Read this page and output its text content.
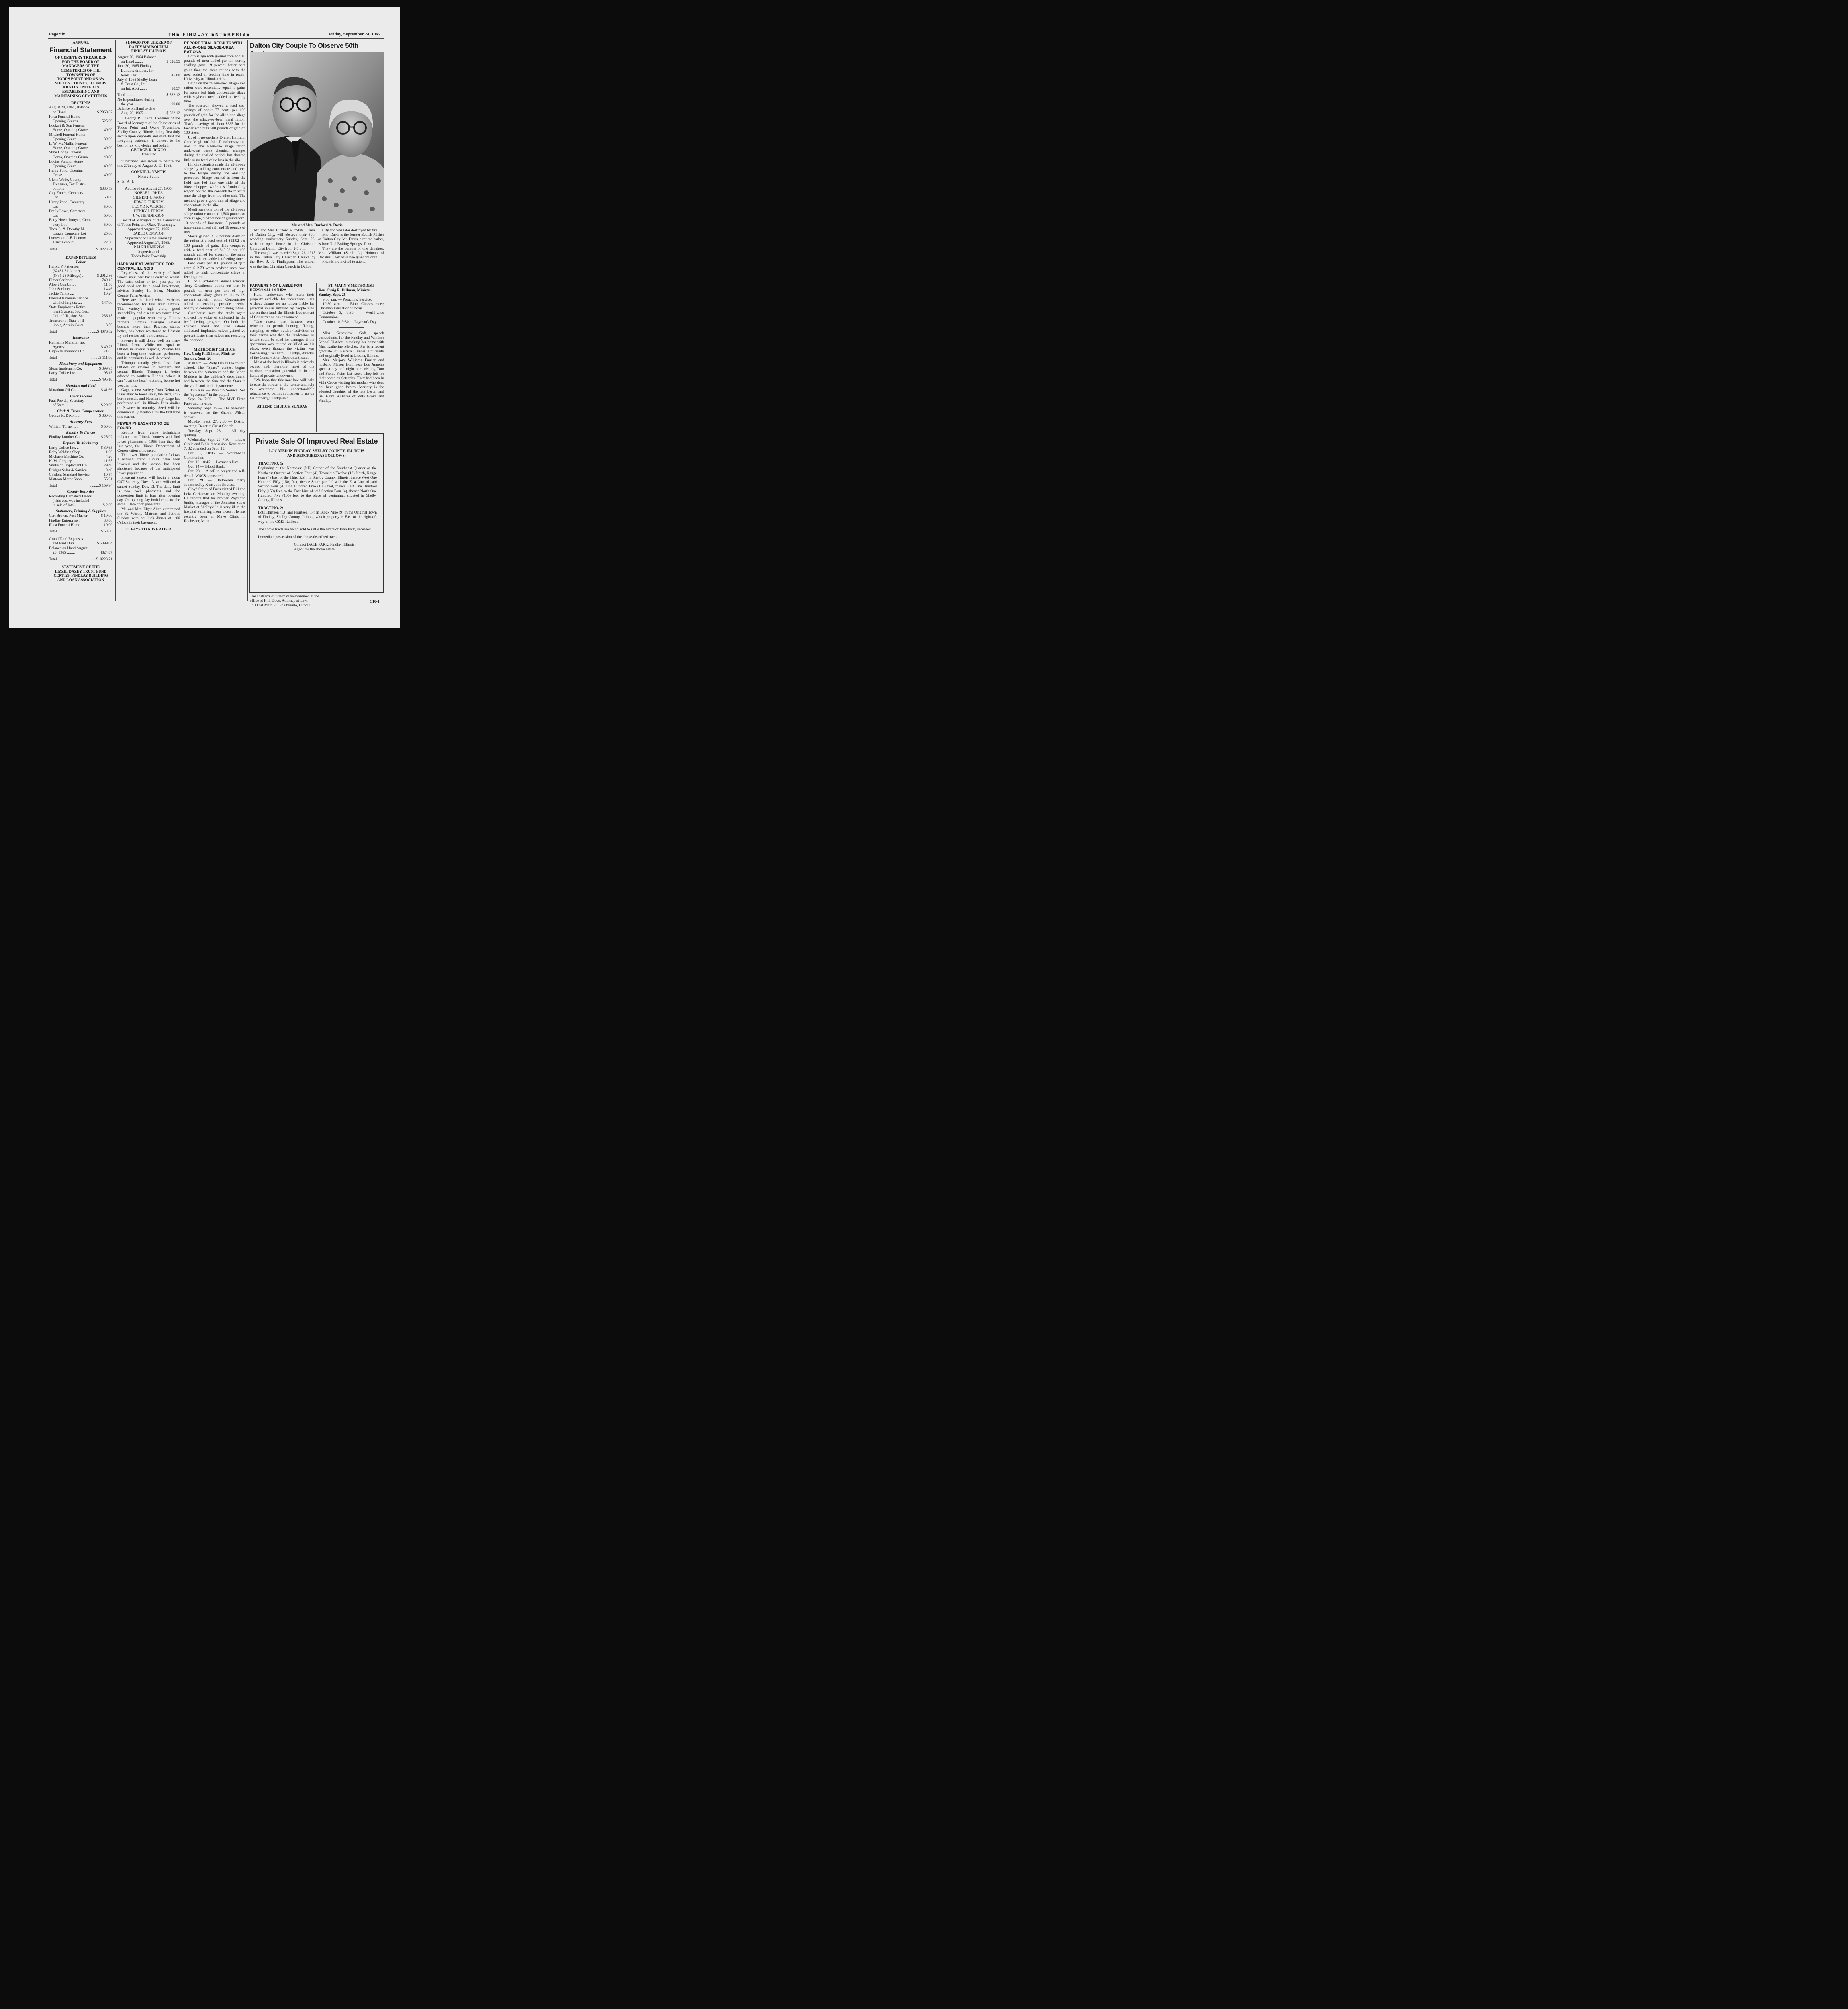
Page Six	THE FINDLAY ENTERPRISE	Friday, September 24, 1965
ANNUAL
Financial Statement
OF CEMETERY TREASURER
FOR THE BOARD OF
MANAGERS OF THE
CEMETERIES OF THE
TOWNSHIPS OF
TODDS POINT AND OKAW
SHELBY COUNTY, ILLINOIS
JOINTLY UNITED IN
ESTABLISHING AND
MAINTAINING CEMETERIES
RECEIPTS
August 20, 1964, Balance
on Hand ........	$ 2860.62
Rhea Funeral Home
Opening Graves ....	525.00
Lockart & Son Funeral
Home, Opening Grave	40.00
Mitchell Funeral Home
Opening Grave ....	30.00
L. W. McMullin Funeral
Home, Opening Grave	40.00
Stine Hodge Funeral
Home, Opening Grave	40.00
Lovins Funeral Home
Opening Grave ....	40.00
Henry Pond, Opening
Grave	40.00
Glenn Wade, County
Treasurer, Tax Distri-
butions	6380.59
Guy Enoch, Cemetery
Lot	50.00
Henry Pond, Cemetery
Lot	50.00
Emily Lowe, Cemetery
Lot	50.00
Betty Howe Runyan, Cem-
etery Lot	50.00
Thos. L. & Dorothy M.
Lough, Cemetery Lot	25.00
Interest on J. E. Lennox
Trust Account ....	22.50
Total	....$10223.71
EXPENDITURES
Labor
Harold P. Patterson
($2481.61 Labor)
($431.25 Mileage) ..	$ 2912.86
Elmer Scribner ....	740.15
Albert Combs ....	11.56
John Scribner ....	14.46
Jackie Yantis ....	10.24
Internal Revenue Service
withholding tax ....	147.90
State Employees Retire-
ment System, Soc. Sec.
Unit of Ill., Soc. Sec.	236.15
Treasurer of State of Il-
linois, Admin Costs	3.50
Total	..........$ 4076.82
Insurance
Katherine Meleffer Ins.
Agency ..........	$ 40.25
Highway Insurance Co.	71.65
Total	..........$ 111.90
Machinery and Equipment
Sloan Implement Co.	$ 399.95
Larry Coffee Inc. ....	95.15
Total	..........$ 495.10
Gasoline and Fuel
Marathon Oil Co. ....	$ 41.66
Truck License
Paul Powell, Secretary
of State ........	$ 20.00
Clerk & Treas. Compensation
George R. Dixon ....	$ 360.00
Attorney Fees
William Turner ....	$ 50.00
Repairs To Fences
Findlay Lumber Co. ..	$ 25.02
Repairs To Machinery
Larry Coffee Inc. ..	$ 39.65
Roby Welding Shop ..	1.00
Michaels Machine Co.	4.20
H. W. Gregory ....	11.65
Smithson Implement Co.	29.46
Bridges Sales & Service	8.40
Gordons Standard Service	10.57
Mattoon Motor Shop	55.01
Total	..........$ 159.94
County Recorder
Recording Cemetery Deeds
(This cost was included
in sale of lots) ....	$ 2.00
Stationery, Printing & Supplies
Carl Brown, Post Master	$ 10.00
Findlay Enterprise ..	33.60
Rhea Funeral Home	10.00
Total	..........$ 53.60
Grand Total Expenses
and Paid Outs ....	$ 5399.04
Balance on Hand August
20, 1965 ........	4824.67
Total	..........$10223.71
STATEMENT OF THE
LIZZIE DAZEY TRUST FUND
CERT. 29, FINDLAY BUILDING
AND LOAN ASSOCIATION
$1,000.00 FOR UPKEEP OF
DAZEY MAUSOLEUM
FINDLAY ILLINOIS
August 20, 1964 Balance
on Hand ........	$ 526.55
June 30, 1965 Findlay
Building & Loan, In-
terest 1 yr. ........	45.00
July 3, 1965 Shelby Loan
& Trust Co., Int.
on Int. Acct ........	10.57
Total ........	$ 582.12
No Expenditures during
the year ........	00.00
Balance on Hand to date
Aug. 20, 1965 ........	$ 582.12

I, George R. Dixon, Treasurer of the Board of Managers of the Cemeteries of Todds Point and Okaw Townships, Shelby County, Illinois, being first duly sworn upon deposeth and saith that the foregoing statement is correct to the best of my knowledge and belief.

GEORGE R. DIXON
Treasurer

Subscribed and sworn to before me this 27th day of August A. D. 1965.

CONNIE L. YANTIS
Notary Public
S E A L
Approved on August 27, 1965.
NOBLE L. RHEA
GILBERT UPHOFF
EDW. F. TURNEY
LLOYD F. WRIGHT
HENRY J. PERRY
J. W. HENDERSON

Board of Managers of the Cemeteries of Todds Point and Okaw Townships.

Approved August 27, 1965.
EARLE COMPTON
Supervisor of Okaw Township
Approved August 27, 1965.
RALPH KNIERIM
Supervisor of
Todds Point Township
HARD WHEAT VARIETIES FOR CENTRAL ILLINOIS

Regardless of the variety of hard wheat, your best bet is certified wheat. The extra dollar or two you pay for good seed can be a good investment, advises Stanley R. Eden, Moultrie County Farm Adviser.

Here are the hard wheat varieties recommended for this area: Ottawa. This variety's high yield, good standability and disease resistance have made it popular with many Illinois farmers. Ottawa averages several bushels more than Pawnee, stands better, has better resistance to Hessian fly and resists soil-borne mosaic.

Pawnee is still doing well on many Illinois farms. While not equal to Ottawa in several respects, Pawnee has been a long-time resistent performer, and its popularity is well deserved.

Triumph usually yields less than Ottawa or Pawnee in northern and central Illinois. Triumph is better adapted to southern Illinois, where it can "beat the heat" maturing before hot weather hits.

Gage, a new variety from Nebraska, is resistant to loose smut, the rusts, soil-borne mosaic and Hessian fly. Gage has performed well in Illinois. It is similar to Pawnee in maturity. Seed will be commercially available for the first time this season.

FEWER PHEASANTS TO BE FOUND

Reports from game technicians indicate that Illinois hunters will find fewer pheasants in 1965 than they did last year, the Illinois Department of Conservation announced.

The lower Illinois population follows a national trend. Limits have been lowered and the season has been shortened because of the anticipated lower population.

Pheasant season will begin at noon CST Saturday, Nov. 13, and will end at sunset Sunday, Dec. 12. The daily limit is two cock pheasants and the possession limit is four after opening day. On opening day both limits are the same . . two cock pheasants.

Mr. and Mrs. Elgar Allen entertained the 62 Worthy Matrons and Patrons Sunday, with pot luck dinner at 1:00 o'clock in their basement.

IT PAYS TO ADVERTISE!
REPORT TRIAL RESULTS WITH ALL-IN-ONE SILAGE-UREA RATIONS

Corn silage with ground corn and 16 pounds of urea added per ton during ensiling gave 19 percent better beef gains than the same rations with the urea added at feeding time in recent University of Illinois trials.

Gains on the "all-in-one" silage-urea ration were essentially equal to gains for steers fed high concentrate silage with soybean meal added at feeding time.

The research showed a feed cost savings of about 77 cents per 100 pounds of gain for the all-in-one silage over the silage-soybean meal ration. That's a savings of about $385 for the feeder who puts 500 pounds of gain on 100 steers.

U. of I. researchers Everett Hatfield, Gene Megli and John Teuscher say that urea in the all-in-one silage ration underwent some chemical changes during the ensiled period, but showed little or no feed value loss in the silo.

Illinois scientists made the all-in-one silage by adding concentrate and urea to the forage during the ensilling procedure. Silage trucked in from the field was fed into one side of the blower hopper, while a self-unloading wagon poured the concentrate mixture onto the silage from the other side. The method gave a good mix of silage and concentrate in the silo.

Megli says one ton of the all-in-one silage ration contained 1,500 pounds of corn silage, 469 pounds of ground corn, 10 pounds of limestone, 5 pounds of trace-mineralized salt and 16 pounds of urea.

Steers gained 2.14 pounds daily on the ration at a feed cost of $12.02 per 100 pounds of gain. This compared with a feed cost of $13.82 per 100 pounds gained for steers on the same ration with urea added at feeding time.

Feed costs per 100 pounds of gain were $12.79 when soybean meal was added to high concentrate silage at feeding time.

U. of I. extension animal scientist Terry Greathouse points out that 16 pounds of urea per ton of high concentrate silage gives an 11- to 12-percent protein ration. Concentrates added at ensiling provide needed energy to complete the finishing ration.

Greathouse says the study again showed the value of stilbestrol in the beef feeding program. On both the soybean meal and urea rations stilbestrol implanted calves gained 20 percent faster than calves not receiving the hormone.

METHODIST CHURCH
Rev. Craig R. Dillman, Minister
Sunday, Sept. 26

9:30 a.m. — Rally Day in the church school. The "Space" contest begins between the Astronauts and the Moon Maidens in the children's department, and between the Sun and the Stars in the youth and adult departments.

10:45 a.m. — Worship Service. See the "spacemen" in the pulpit!

Sept. 24, 7:00 — The MYF Pizza Party and hayride.

Saturday, Sept. 25 — The basement is reserved for the Sharon Wilson shower.

Monday, Sept. 27, 2:30 — District meeting; Decatur Christ Church.

Tuesday, Sept. 28 — All day quilting.

Wednesday, Sept. 29, 7:30 — Prayer Circle and Bible discussion; Revelation 7; 32 attended on Sept. 15.

Oct. 3, 10:45 — World-wide Communion.

Oct. 10, 10:45 — Layman's Day.

Oct. 14 — Blood Bank.

Oct. 28 — A call to prayer and self-denial; WSCS sponsored.

Oct. 29 — Halloween party sponsored by Kum Join Us class.

Cloyd Smith of Paris visited Bill and Lela Christman on Monday evening. He reports that his brother Raymond Smith, manager of the Johnston Super Market at Shelbyville is very ill in the hospital suffering from ulcers. He has recently been at Mayo Clinic in Rochester, Minn.

Dalton City Couple To Observe 50th
Mr. and Mrs. Burford A. Davis

Mr. and Mrs. Burford A. "Slats" Davis of Dalton City, will observe their 50th wedding anniversary Sunday, Sept. 26, with an open house in the Christian Church at Dalton City from 2-5 p.m.

The couple was married Sept. 26, 1915 in the Dalton City Christian Church by the Rev. R. R. Findlayson. The church was the first Christian Church in Dalton

City and was later destroyed by fire.

Mrs. Davis is the former Beulah Pilcher of Dalton City. Mr. Davis, a retired barber, is from Red Boiling Springs, Tenn.

They are the parents of one daughter, Mrs. William (Sarah L.) Holman of Decatur. They have two grandchildren.

Friends are invited to attend.

FARMERS NOT LIABLE FOR PERSONAL INJURY

Rural landowners who make their property available for recreational uses without charge are no longer liable for personal injury suffered by people who are on their land, the Illinois Department of Conservation has announced.

"One reason that farmers were reluctant to permit hunting, fishing, camping, or other outdoor activities on their farms was that the landowner or tenant could be sued for damages if the sportsman was injured or killed on his place, even though the victim was trespassing," William T. Lodge, director of the Conservation Department, said.

Most of the land in Illinois is privately owned and, therefore, most of the outdoor recreation potential is in the hands of private landowners.

"We hope that this new law will help to ease the burden of the farmer and help to overcome his understandable reluctance to permit sportsmen to go on his property," Lodge said.

ATTEND CHURCH SUNDAY
ST. MARY'S METHODIST
Rev. Craig R. Dillman, Minister
Sunday, Sept. 26

9:30 a.m. — Preaching Service.

10:30 a.m. — Bible Classes meet; Christian Education Sunday.

October 3, 9:30 — World-wide Communion.

October 10, 9:30 — Layman's Day.

Miss Genevieve Goff, speech correctionist for the Findlay and Windsor School Districts is making her home with Mrs. Katherine Melcher. She is a recent graduate of Eastern Illinois University and originally lived in Urbana, Illinois.

Mrs. Marjory Williams Frazier and husband Mason from near Los Angeles spent a day and night here visiting Tom and Freida Keim last week. They left for their home on Saturday. They had been in Villa Grove visiting his mother who does not have good health. Marjory is the adopted daughter of the late Lester and Iris Keim Williams of Villa Grove and Findlay.

Private Sale Of Improved Real Estate
LOCATED IN FINDLAY, SHELBY COUNTY, ILLINOIS
AND DESCRIBED AS FOLLOWS:
TRACT NO. 1:

Beginning at the Northeast (NE) Corner of the Southeast Quarter of the Northeast Quarter of Section Four (4), Township Twelve (12) North, Range Four (4) East of the Third P.M., in Shelby County, Illinois, thence West One Hundred Fifty (150) feet, thence South parallel with the East Line of said Section Four (4) One Hundred Five (105) feet, thence East One Hundred Fifty (150) feet, to the East Line of said Section Four (4), thence North One Hundred Five (105) feet to the place of beginning, situated in Shelby County, Illinois.

TRACT NO. 2:

Lots Thirteen (13) and Fourteen (14) in Block Nine (9) in the Original Town of Findlay, Shelby County, Illinois, which property is East of the right-of-way of the C&EI Railroad.

The above tracts are being sold to settle the estate of John Park, deceased.

Immediate possession of the above-described tracts.

Contact DALE PARK, Findlay, Illinois,
Agent for the above estate.
The abstracts of title may be examined at the
office of R. I. Dove, Attorney at Law,
143 East Main St., Shelbyville, Illinois.
C10-1
